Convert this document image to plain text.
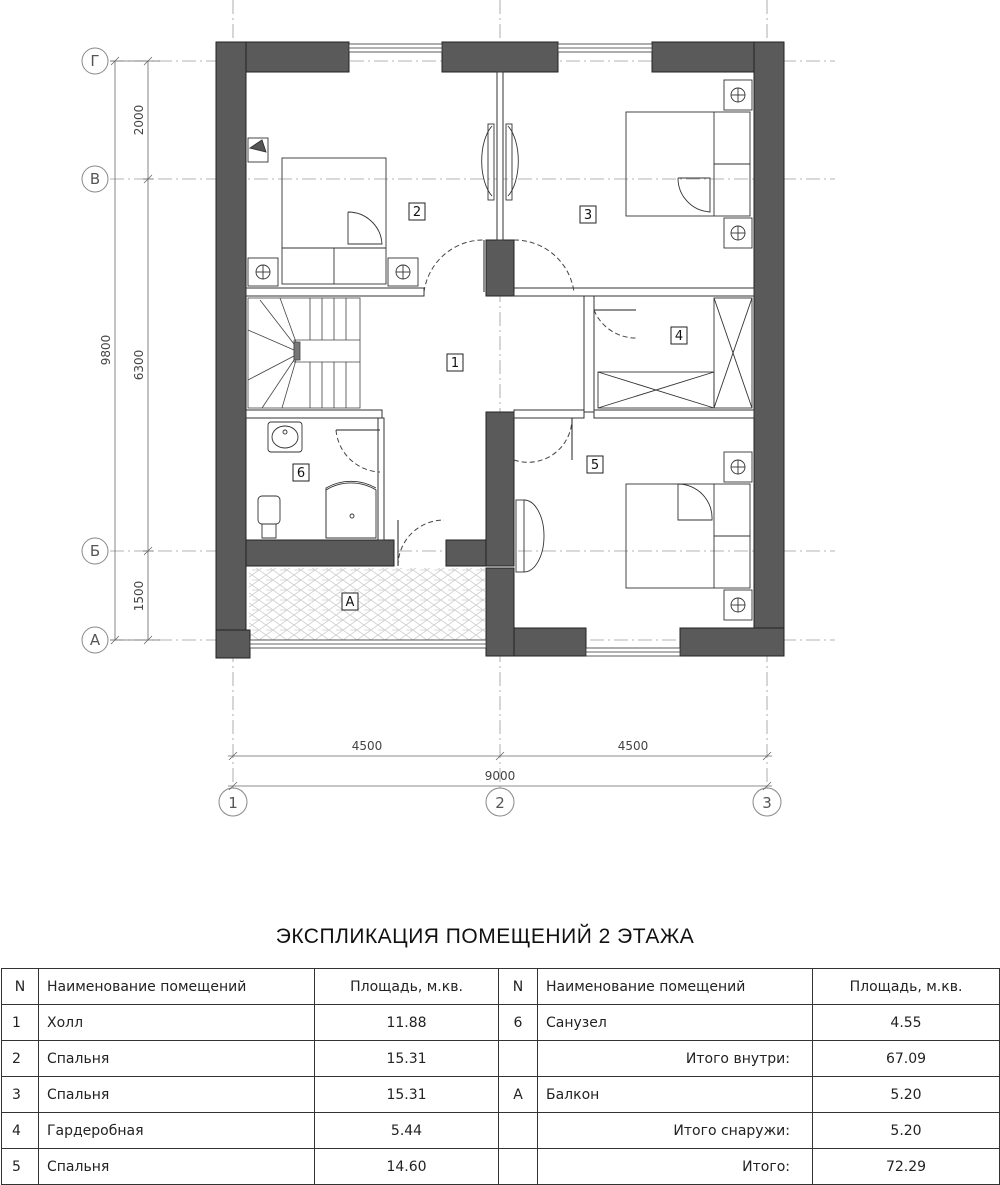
Г
В
Б
А
1	2	3
2000
9800 6300
1500
4500	4500
9000
1
2	3
4
5
6
А
ЭКСПЛИКАЦИЯ ПОМЕЩЕНИЙ 2 ЭТАЖА
N	Наименование помещений	Площадь, м.кв.	N	Наименование помещений	Площадь, м.кв.
1	Холл	11.88	6	Санузел	4.55
2	Спальня	15.31		Итого внутри:	67.09
3	Спальня	15.31	А	Балкон	5.20
4	Гардеробная	5.44		Итого снаружи:	5.20
5	Спальня	14.60		Итого:	72.29
